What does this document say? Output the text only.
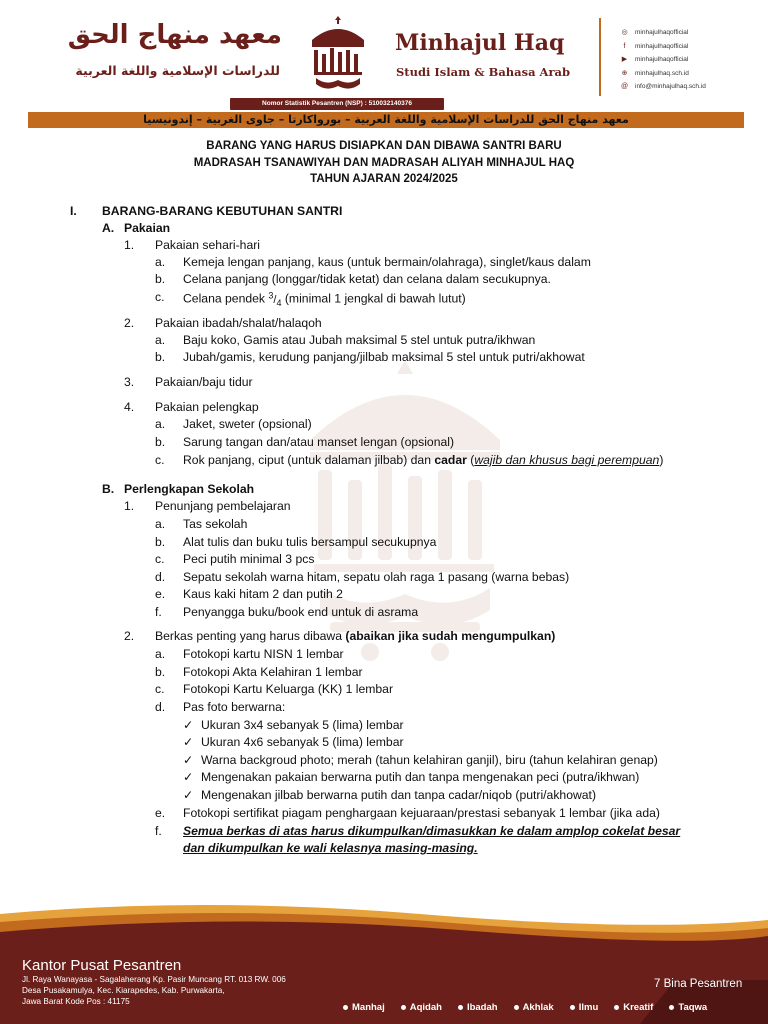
معهد منهاج الحق
للدراسات الإسلامية واللغة العربية
Minhajul Haq
Studi Islam & Bahasa Arab
◎ minhajulhaqofficial
f	minhajulhaqofficial
▶ minhajulhaqofficial
⊕ minhajulhaq.sch.id
@ info@minhajulhaq.sch.id
Nomor Statistik Pesantren (NSP) : 510032140376
معهد منهاج الحق للدراسات الإسلامية واللغة العربية – بورواكارتا – جاوى الغربية – إندونيسيا
BARANG YANG HARUS DISIAPKAN DAN DIBAWA SANTRI BARU
MADRASAH TSANAWIYAH DAN MADRASAH ALIYAH MINHAJUL HAQ
TAHUN AJARAN 2024/2025
I. BARANG-BARANG KEBUTUHAN SANTRI
A. Pakaian
1. Pakaian sehari-hari
a. Kemeja lengan panjang, kaus (untuk bermain/olahraga), singlet/kaus dalam
b. Celana panjang (longgar/tidak ketat) dan celana dalam secukupnya.
c. Celana pendek $^3/_4$ (minimal 1 jengkal di bawah lutut)
2. Pakaian ibadah/shalat/halaqoh
a. Baju koko, Gamis atau Jubah maksimal 5 stel untuk putra/ikhwan
b. Jubah/gamis, kerudung panjang/jilbab maksimal 5 stel untuk putri/akhowat
3. Pakaian/baju tidur
4. Pakaian pelengkap
a. Jaket, sweter (opsional)
b. Sarung tangan dan/atau manset lengan (opsional)
c. Rok panjang, ciput (untuk dalaman jilbab) dan cadar (wajib dan khusus bagi perempuan)
B. Perlengkapan Sekolah
1. Penunjang pembelajaran
a. Tas sekolah
b. Alat tulis dan buku tulis bersampul secukupnya
c. Peci putih minimal 3 pcs
d. Sepatu sekolah warna hitam, sepatu olah raga 1 pasang (warna bebas)
e. Kaus kaki hitam 2 dan putih 2
f. Penyangga buku/book end untuk di asrama
2. Berkas penting yang harus dibawa (abaikan jika sudah mengumpulkan)
a. Fotokopi kartu NISN 1 lembar
b. Fotokopi Akta Kelahiran 1 lembar
c. Fotokopi Kartu Keluarga (KK) 1 lembar
d. Pas foto berwarna:
✓ Ukuran 3x4 sebanyak 5 (lima) lembar
✓ Ukuran 4x6 sebanyak 5 (lima) lembar
✓ Warna backgroud photo; merah (tahun kelahiran ganjil), biru (tahun kelahiran genap)
✓ Mengenakan pakaian berwarna putih dan tanpa mengenakan peci (putra/ikhwan)
✓ Mengenakan jilbab berwarna putih dan tanpa cadar/niqob (putri/akhowat)
e. Fotokopi sertifikat piagam penghargaan kejuaraan/prestasi sebanyak 1 lembar (jika ada)
f. Semua berkas di atas harus dikumpulkan/dimasukkan ke dalam amplop cokelat besar
dan dikumpulkan ke wali kelasnya masing-masing.
Kantor Pusat Pesantren
Jl. Raya Wanayasa - Sagalaherang Kp. Pasir Muncang RT. 013 RW. 006
Desa Pusakamulya, Kec. Kiarapedes, Kab. Purwakarta,
Jawa Barat Kode Pos : 41175
7 Bina Pesantren
Manhaj	Aqidah	Ibadah	Akhlak	Ilmu	Kreatif	Taqwa
